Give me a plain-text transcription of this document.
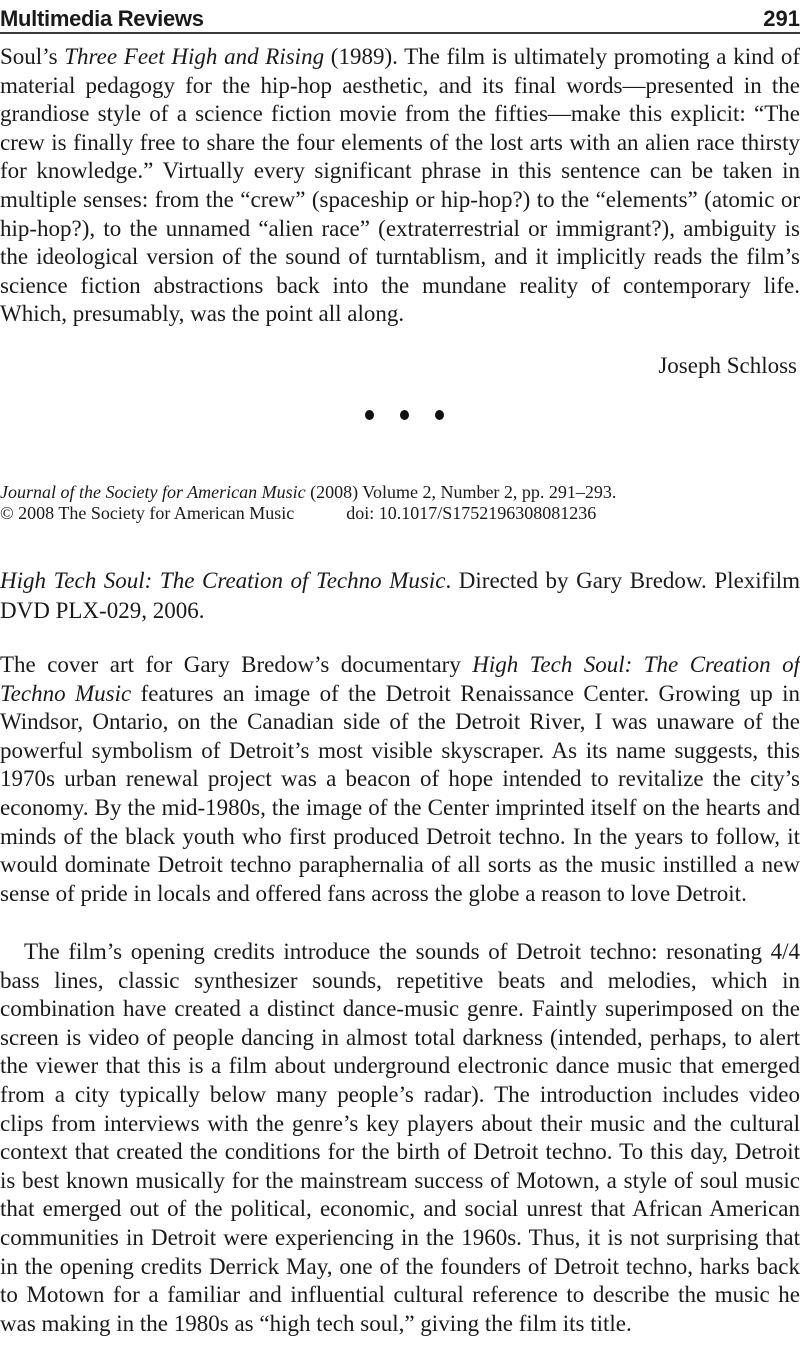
Multimedia Reviews	291

Soul’s Three Feet High and Rising (1989). The film is ultimately promoting a kind of material pedagogy for the hip-hop aesthetic, and its final words—presented in the grandiose style of a science fiction movie from the fifties—make this explicit: “The crew is finally free to share the four elements of the lost arts with an alien race thirsty for knowledge.” Virtually every significant phrase in this sentence can be taken in multiple senses: from the “crew” (spaceship or hip-hop?) to the “elements” (atomic or hip-hop?), to the unnamed “alien race” (extraterrestrial or immigrant?), ambiguity is the ideological version of the sound of turntablism, and it implicitly reads the film’s science fiction abstractions back into the mundane reality of contemporary life. Which, presumably, was the point all along.

Joseph Schloss
Journal of the Society for American Music (2008) Volume 2, Number 2, pp. 291–293.
© 2008 The Society for American Music	doi: 10.1017/S1752196308081236

High Tech Soul: The Creation of Techno Music. Directed by Gary Bredow. Plexifilm DVD PLX-029, 2006.

The cover art for Gary Bredow’s documentary High Tech Soul: The Creation of Techno Music features an image of the Detroit Renaissance Center. Growing up in Windsor, Ontario, on the Canadian side of the Detroit River, I was unaware of the powerful symbolism of Detroit’s most visible skyscraper. As its name suggests, this 1970s urban renewal project was a beacon of hope intended to revitalize the city’s economy. By the mid-1980s, the image of the Center imprinted itself on the hearts and minds of the black youth who first produced Detroit techno. In the years to follow, it would dominate Detroit techno paraphernalia of all sorts as the music instilled a new sense of pride in locals and offered fans across the globe a reason to love Detroit.

The film’s opening credits introduce the sounds of Detroit techno: resonating 4/4 bass lines, classic synthesizer sounds, repetitive beats and melodies, which in combination have created a distinct dance-music genre. Faintly superimposed on the screen is video of people dancing in almost total darkness (intended, perhaps, to alert the viewer that this is a film about underground electronic dance music that emerged from a city typically below many people’s radar). The introduction includes video clips from interviews with the genre’s key players about their music and the cultural context that created the conditions for the birth of Detroit techno. To this day, Detroit is best known musically for the mainstream success of Motown, a style of soul music that emerged out of the political, economic, and social unrest that African American communities in Detroit were experiencing in the 1960s. Thus, it is not surprising that in the opening credits Derrick May, one of the founders of Detroit techno, harks back to Motown for a familiar and influential cultural reference to describe the music he was making in the 1980s as “high tech soul,” giving the film its title.
